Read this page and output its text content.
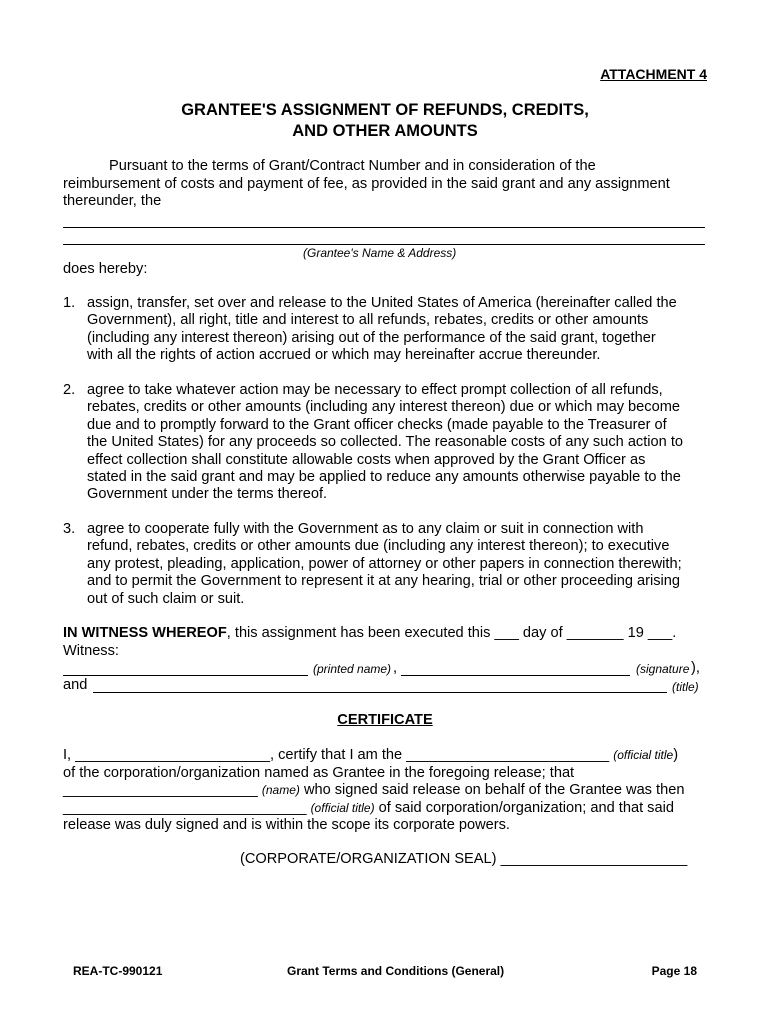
ATTACHMENT 4
GRANTEE'S ASSIGNMENT OF REFUNDS, CREDITS,
AND OTHER AMOUNTS
Pursuant to the terms of Grant/Contract Number and in consideration of the
reimbursement of costs and payment of fee, as provided in the said grant and any assignment
thereunder, the
(Grantee's Name & Address)
does hereby:
1. assign, transfer, set over and release to the United States of America (hereinafter called the
Government), all right, title and interest to all refunds, rebates, credits or other amounts
(including any interest thereon) arising out of the performance of the said grant, together
with all the rights of action accrued or which may hereinafter accrue thereunder.
2. agree to take whatever action may be necessary to effect prompt collection of all refunds,
rebates, credits or other amounts (including any interest thereon) due or which may become
due and to promptly forward to the Grant officer checks (made payable to the Treasurer of
the United States) for any proceeds so collected. The reasonable costs of any such action to
effect collection shall constitute allowable costs when approved by the Grant Officer as
stated in the said grant and may be applied to reduce any amounts otherwise payable to the
Government under the terms thereof.
3. agree to cooperate fully with the Government as to any claim or suit in connection with
refund, rebates, credits or other amounts due (including any interest thereon); to executive
any protest, pleading, application, power of attorney or other papers in connection therewith;
and to permit the Government to represent it at any hearing, trial or other proceeding arising
out of such claim or suit.
IN WITNESS WHEREOF, this assignment has been executed this ___ day of _______ 19 ___.
Witness:
(printed name) ,	(signature ),
and	(title)
CERTIFICATE
I, ________________________, certify that I am the _________________________ (official title)
of the corporation/organization named as Grantee in the foregoing release; that
________________________ (name) who signed said release on behalf of the Grantee was then
______________________________ (official title) of said corporation/organization; and that said
release was duly signed and is within the scope its corporate powers.
(CORPORATE/ORGANIZATION SEAL) _______________________
REA-TC-990121	Grant Terms and Conditions (General)	Page 18
